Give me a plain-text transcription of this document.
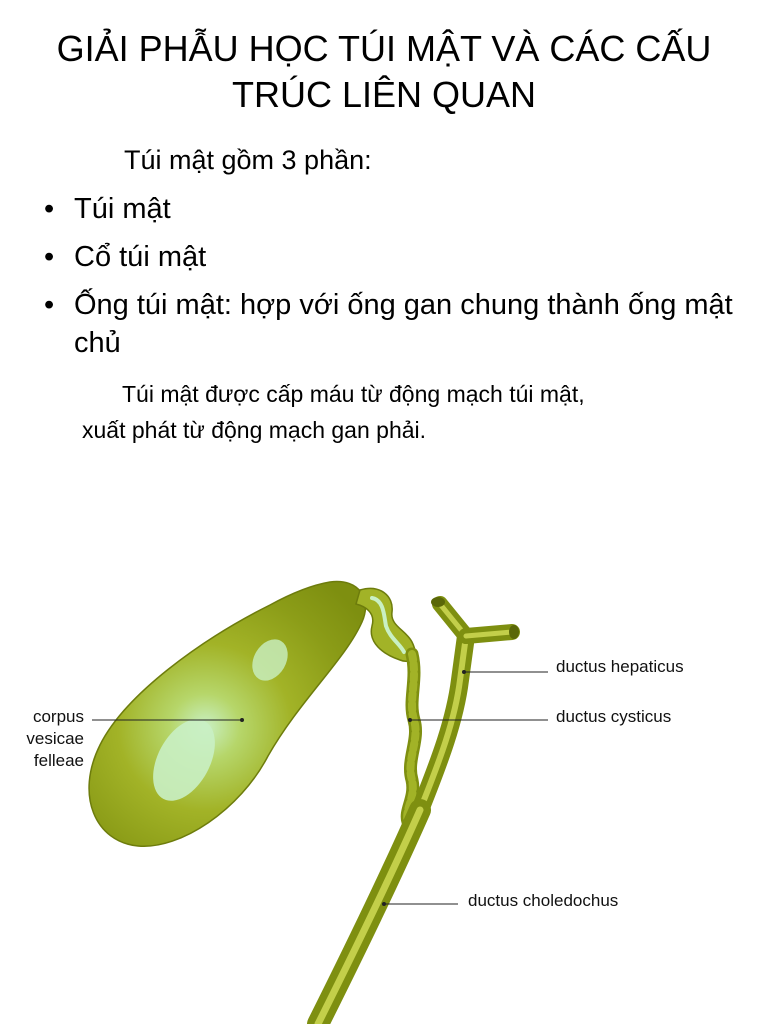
GIẢI PHẪU HỌC TÚI MẬT VÀ CÁC CẤU TRÚC LIÊN QUAN

Túi mật gồm 3 phần:

• Túi mật
• Cổ túi mật
• Ống túi mật: hợp với ống gan chung thành ống mật chủ
Túi mật được cấp máu từ động mạch túi mật,
xuất phát từ động mạch gan phải.
corpus
vesicae
felleae
ductus hepaticus
ductus cysticus
ductus choledochus
